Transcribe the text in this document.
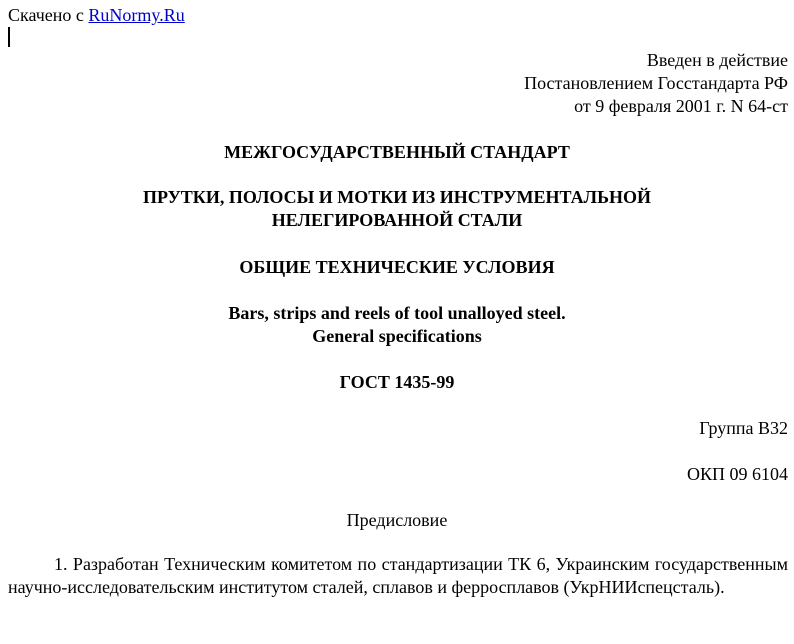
Скачено с RuNormy.Ru
Введен в действие
Постановлением Госстандарта РФ
от 9 февраля 2001 г. N 64-ст
МЕЖГОСУДАРСТВЕННЫЙ СТАНДАРТ
ПРУТКИ, ПОЛОСЫ И МОТКИ ИЗ ИНСТРУМЕНТАЛЬНОЙ
НЕЛЕГИРОВАННОЙ СТАЛИ
ОБЩИЕ ТЕХНИЧЕСКИЕ УСЛОВИЯ
Bars, strips and reels of tool unalloyed steel.
General specifications
ГОСТ 1435-99
Группа В32
ОКП 09 6104
Предисловие
1. Разработан Техническим комитетом по стандартизации ТК 6, Украинским государственным научно-исследовательским институтом сталей, сплавов и ферросплавов (УкрНИИспецсталь).
